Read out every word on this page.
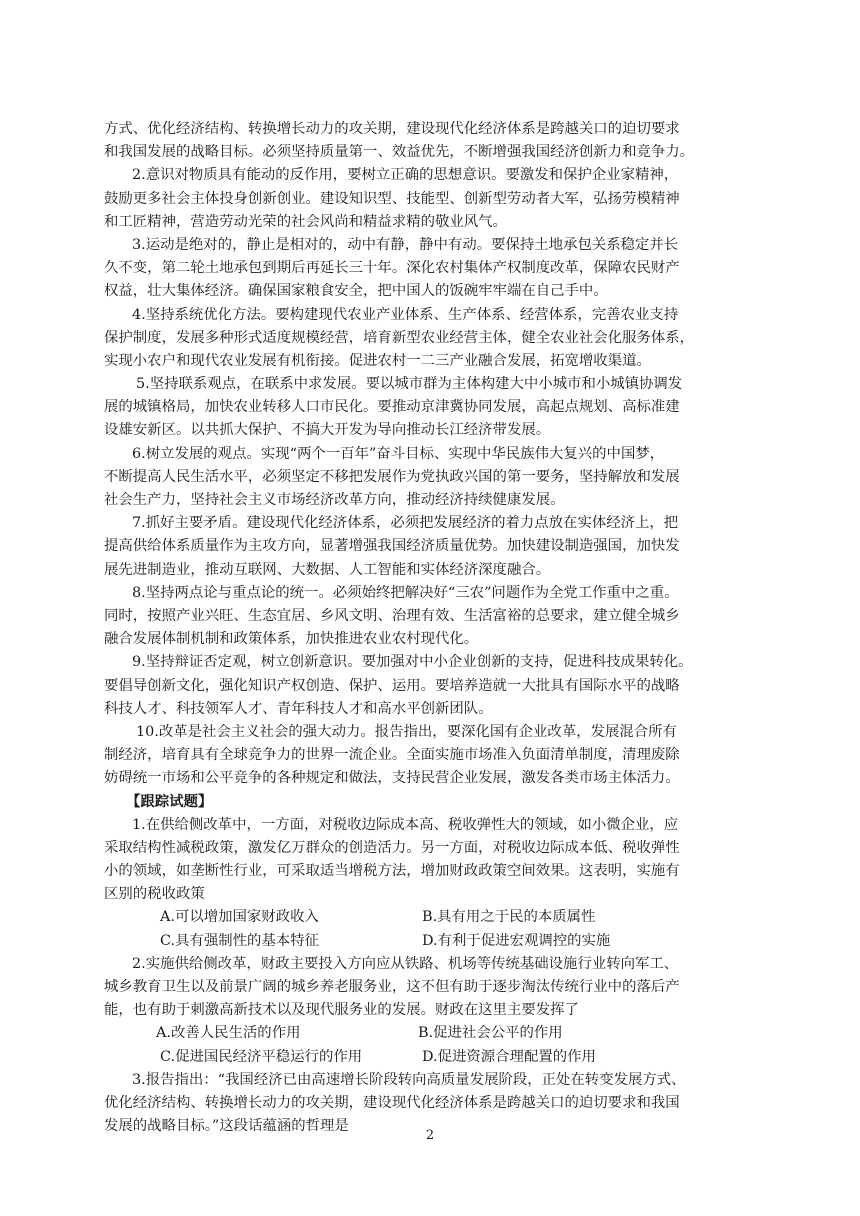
方式、优化经济结构、转换增长动力的攻关期，建设现代化经济体系是跨越关口的迫切要求
和我国发展的战略目标。必须坚持质量第一、效益优先，不断增强我国经济创新力和竞争力。
2.意识对物质具有能动的反作用，要树立正确的思想意识。要激发和保护企业家精神，
鼓励更多社会主体投身创新创业。建设知识型、技能型、创新型劳动者大军，弘扬劳模精神
和工匠精神，营造劳动光荣的社会风尚和精益求精的敬业风气。
3.运动是绝对的，静止是相对的，动中有静，静中有动。要保持土地承包关系稳定并长
久不变，第二轮土地承包到期后再延长三十年。深化农村集体产权制度改革，保障农民财产
权益，壮大集体经济。确保国家粮食安全，把中国人的饭碗牢牢端在自己手中。
4.坚持系统优化方法。要构建现代农业产业体系、生产体系、经营体系，完善农业支持
保护制度，发展多种形式适度规模经营，培育新型农业经营主体，健全农业社会化服务体系，
实现小农户和现代农业发展有机衔接。促进农村一二三产业融合发展，拓宽增收渠道。
5.坚持联系观点，在联系中求发展。要以城市群为主体构建大中小城市和小城镇协调发
展的城镇格局，加快农业转移人口市民化。要推动京津冀协同发展，高起点规划、高标准建
设雄安新区。以共抓大保护、不搞大开发为导向推动长江经济带发展。
6.树立发展的观点。实现“两个一百年”奋斗目标、实现中华民族伟大复兴的中国梦，
不断提高人民生活水平，必须坚定不移把发展作为党执政兴国的第一要务，坚持解放和发展
社会生产力，坚持社会主义市场经济改革方向，推动经济持续健康发展。
7.抓好主要矛盾。建设现代化经济体系，必须把发展经济的着力点放在实体经济上，把
提高供给体系质量作为主攻方向，显著增强我国经济质量优势。加快建设制造强国，加快发
展先进制造业，推动互联网、大数据、人工智能和实体经济深度融合。
8.坚持两点论与重点论的统一。必须始终把解决好“三农”问题作为全党工作重中之重。
同时，按照产业兴旺、生态宜居、乡风文明、治理有效、生活富裕的总要求，建立健全城乡
融合发展体制机制和政策体系，加快推进农业农村现代化。
9.坚持辩证否定观，树立创新意识。要加强对中小企业创新的支持，促进科技成果转化。
要倡导创新文化，强化知识产权创造、保护、运用。要培养造就一大批具有国际水平的战略
科技人才、科技领军人才、青年科技人才和高水平创新团队。
10.改革是社会主义社会的强大动力。报告指出，要深化国有企业改革，发展混合所有
制经济，培育具有全球竞争力的世界一流企业。全面实施市场准入负面清单制度，清理废除
妨碍统一市场和公平竞争的各种规定和做法，支持民营企业发展，激发各类市场主体活力。
【跟踪试题】
1.在供给侧改革中，一方面，对税收边际成本高、税收弹性大的领域，如小微企业，应
采取结构性减税政策，激发亿万群众的创造活力。另一方面，对税收边际成本低、税收弹性
小的领域，如垄断性行业，可采取适当增税方法，增加财政政策空间效果。这表明，实施有
区别的税收政策
A.可以增加国家财政收入	B.具有用之于民的本质属性
C.具有强制性的基本特征	D.有利于促进宏观调控的实施
2.实施供给侧改革，财政主要投入方向应从铁路、机场等传统基础设施行业转向军工、
城乡教育卫生以及前景广阔的城乡养老服务业，这不但有助于逐步淘汰传统行业中的落后产
能，也有助于刺激高新技术以及现代服务业的发展。财政在这里主要发挥了
A.改善人民生活的作用	B.促进社会公平的作用
C.促进国民经济平稳运行的作用	D.促进资源合理配置的作用
3.报告指出：“我国经济已由高速增长阶段转向高质量发展阶段，正处在转变发展方式、
优化经济结构、转换增长动力的攻关期，建设现代化经济体系是跨越关口的迫切要求和我国
发展的战略目标。”这段话蕴涵的哲理是
2
